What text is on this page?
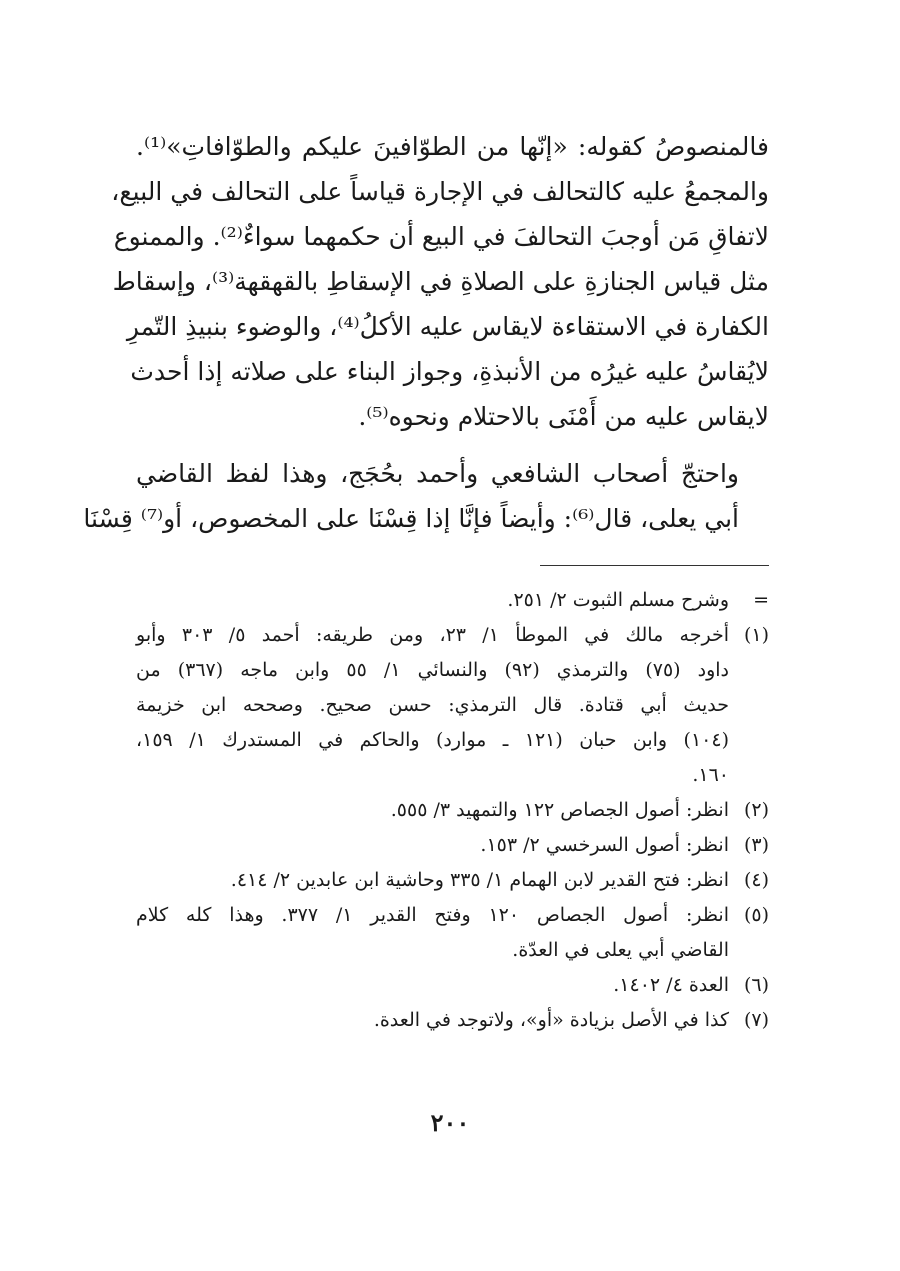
فالمنصوصُ كقوله: «إنّها من الطوّافينَ عليكم والطوّافاتِ»⁽¹⁾.
والمجمعُ عليه كالتحالف في الإجارة قياساً على التحالف في البيع،
لاتفاقِ مَن أوجبَ التحالفَ في البيع أن حكمهما سواءٌ⁽²⁾. والممنوع
مثل قياس الجنازةِ على الصلاةِ في الإسقاطِ بالقهقهة⁽³⁾، وإسقاط
الكفارة في الاستقاءة لايقاس عليه الأكلُ⁽⁴⁾، والوضوء بنبيذِ التّمرِ
لايُقاسُ عليه غيرُه من الأنبذةِ، وجواز البناء على صلاته إذا أحدث
لايقاس عليه من أَمْنَى بالاحتلام ونحوه⁽⁵⁾.

واحتجّ أصحاب الشافعي وأحمد بحُجَج، وهذا لفظ القاضي
أبي يعلى، قال⁽⁶⁾: وأيضاً فإنَّا إذا قِسْنَا على المخصوص، أو⁽⁷⁾ قِسْنَا

=
وشرح مسلم الثبوت ٢/ ٢٥١.
(١)
أخرجه مالك في الموطأ ١/ ٢٣، ومن طريقه: أحمد ٥/ ٣٠٣ وأبو
داود (٧٥) والترمذي (٩٢) والنسائي ١/ ٥٥ وابن ماجه (٣٦٧) من
حديث أبي قتادة. قال الترمذي: حسن صحيح. وصححه ابن خزيمة
(١٠٤) وابن حبان (١٢١ ـ موارد) والحاكم في المستدرك ١/ ١٥٩،
١٦٠.
(٢)
انظر: أصول الجصاص ١٢٢ والتمهيد ٣/ ٥٥٥.
(٣)
انظر: أصول السرخسي ٢/ ١٥٣.
(٤)
انظر: فتح القدير لابن الهمام ١/ ٣٣٥ وحاشية ابن عابدين ٢/ ٤١٤.
(٥)
انظر: أصول الجصاص ١٢٠ وفتح القدير ١/ ٣٧٧. وهذا كله كلام
القاضي أبي يعلى في العدّة.
(٦)
العدة ٤/ ١٤٠٢.
(٧)
كذا في الأصل بزيادة «أو»، ولاتوجد في العدة.
٢٠٠
